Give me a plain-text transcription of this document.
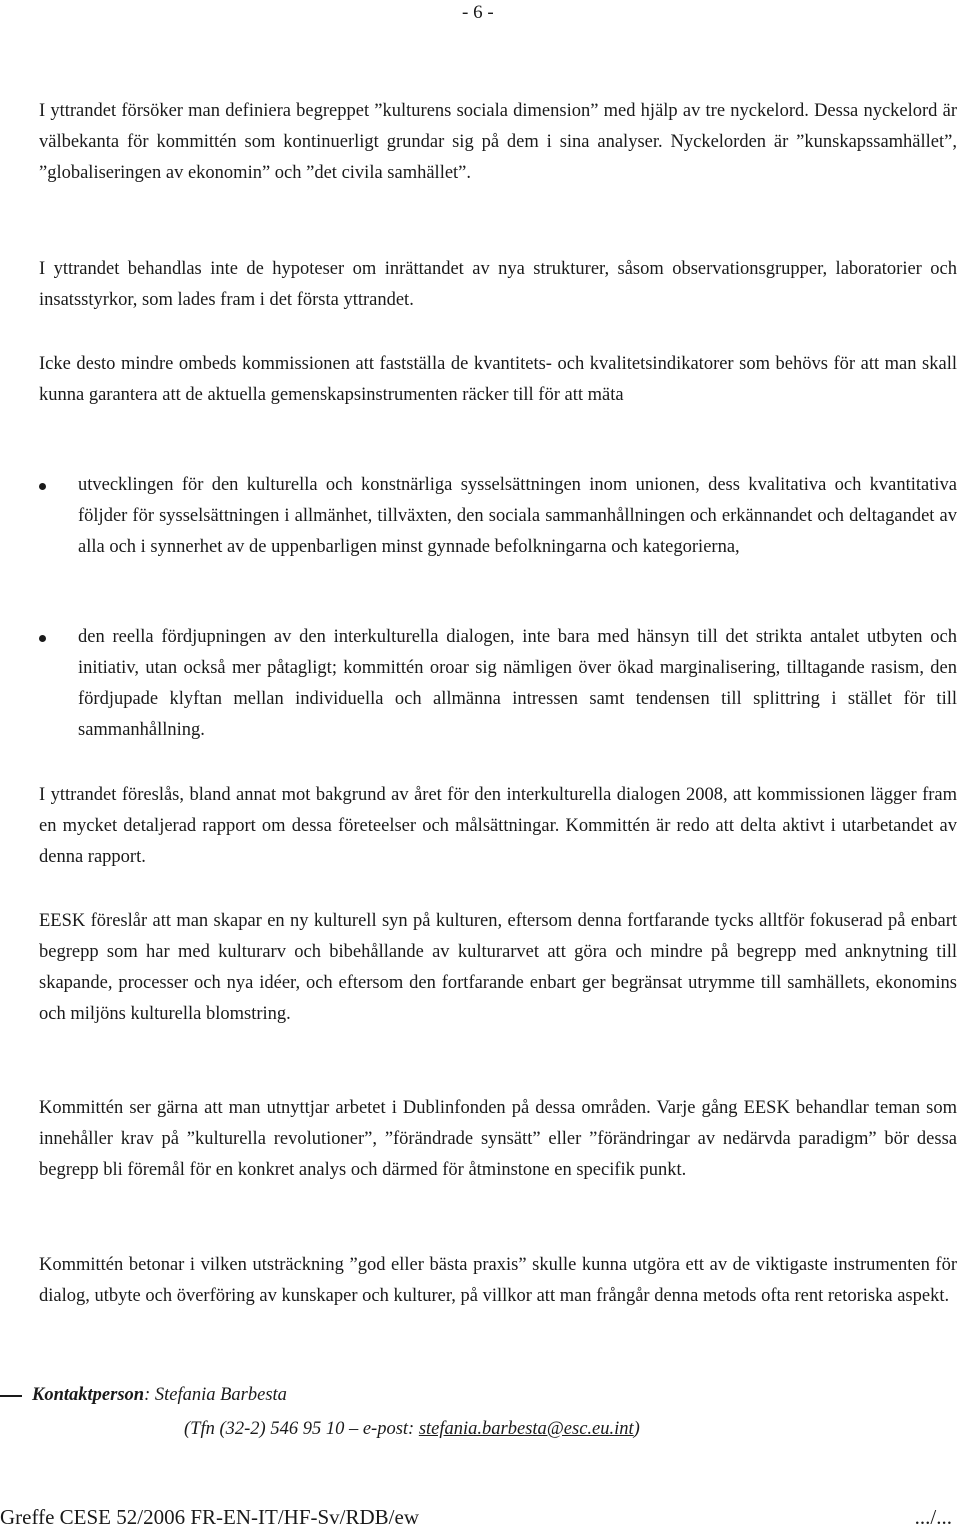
- 6 -

I yttrandet försöker man definiera begreppet ”kulturens sociala dimension” med hjälp av tre nyckelord. Dessa nyckelord är välbekanta för kommittén som kontinuerligt grundar sig på dem i sina analyser. Nyckelorden är ”kunskapssamhället”, ”globaliseringen av ekonomin” och ”det civila samhället”.

I yttrandet behandlas inte de hypoteser om inrättandet av nya strukturer, såsom observationsgrupper, laboratorier och insatsstyrkor, som lades fram i det första yttrandet.

Icke desto mindre ombeds kommissionen att fastställa de kvantitets- och kvalitetsindikatorer som behövs för att man skall kunna garantera att de aktuella gemenskapsinstrumenten räcker till för att mäta

utvecklingen för den kulturella och konstnärliga sysselsättningen inom unionen, dess kvalitativa och kvantitativa följder för sysselsättningen i allmänhet, tillväxten, den sociala sammanhållningen och erkännandet och deltagandet av alla och i synnerhet av de uppenbarligen minst gynnade befolkningarna och kategorierna,
den reella fördjupningen av den interkulturella dialogen, inte bara med hänsyn till det strikta antalet utbyten och initiativ, utan också mer påtagligt; kommittén oroar sig nämligen över ökad marginalisering, tilltagande rasism, den fördjupade klyftan mellan individuella och allmänna intressen samt tendensen till splittring i stället för till sammanhållning.

I yttrandet föreslås, bland annat mot bakgrund av året för den interkulturella dialogen 2008, att kommissionen lägger fram en mycket detaljerad rapport om dessa företeelser och målsättningar. Kommittén är redo att delta aktivt i utarbetandet av denna rapport.

EESK föreslår att man skapar en ny kulturell syn på kulturen, eftersom denna fortfarande tycks alltför fokuserad på enbart begrepp som har med kulturarv och bibehållande av kulturarvet att göra och mindre på begrepp med anknytning till skapande, processer och nya idéer, och eftersom den fortfarande enbart ger begränsat utrymme till samhällets, ekonomins och miljöns kulturella blomstring.

Kommittén ser gärna att man utnyttjar arbetet i Dublinfonden på dessa områden. Varje gång EESK behandlar teman som innehåller krav på ”kulturella revolutioner”, ”förändrade synsätt” eller ”förändringar av nedärvda paradigm” bör dessa begrepp bli föremål för en konkret analys och därmed för åtminstone en specifik punkt.

Kommittén betonar i vilken utsträckning ”god eller bästa praxis” skulle kunna utgöra ett av de viktigaste instrumenten för dialog, utbyte och överföring av kunskaper och kulturer, på villkor att man frångår denna metods ofta rent retoriska aspekt.

Kontaktperson: Stefania Barbesta
(Tfn (32-2) 546 95 10 – e-post: stefania.barbesta@esc.eu.int)
Greffe CESE 52/2006 FR-EN-IT/HF-Sv/RDB/ew	.../...
